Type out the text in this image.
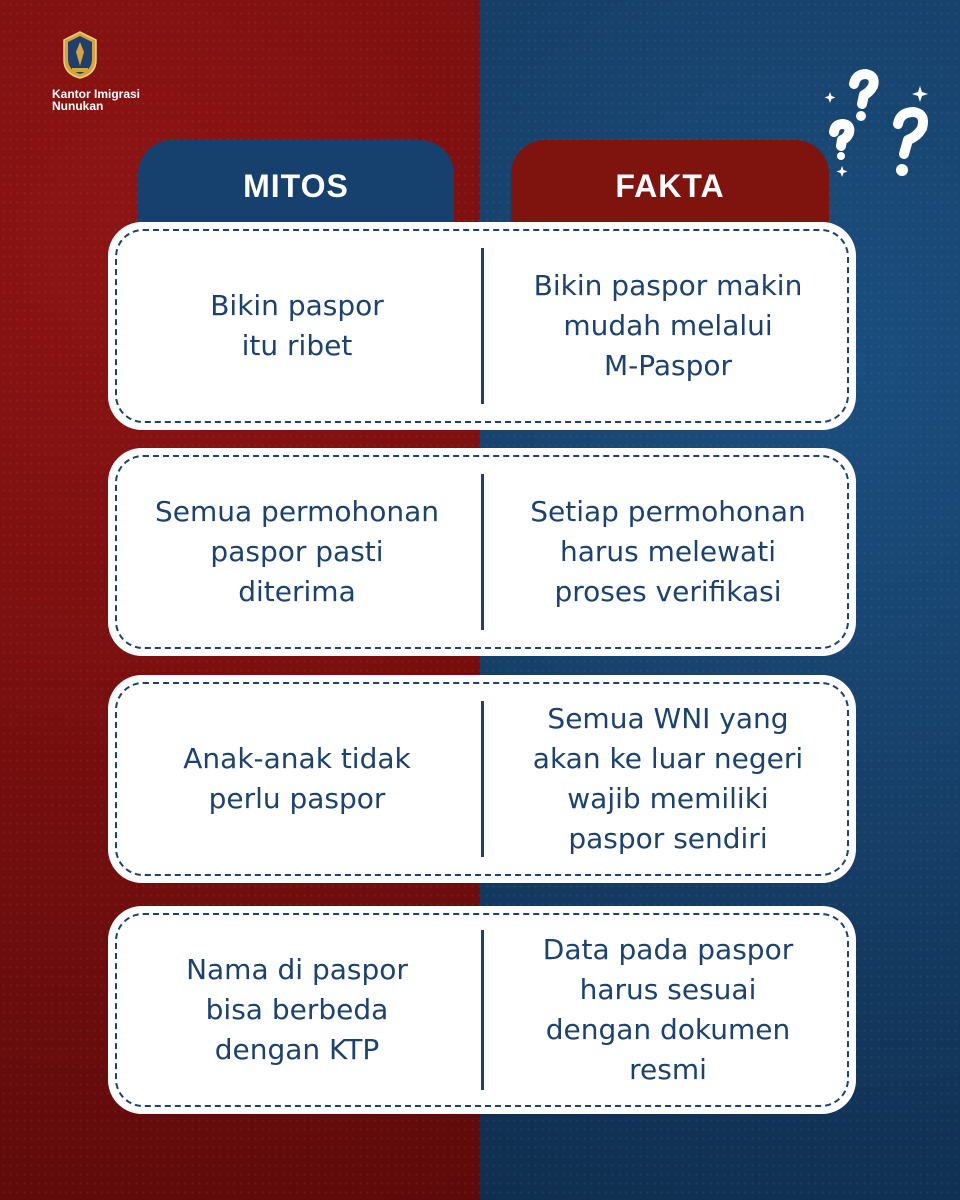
Kantor Imigrasi
Nunukan
MITOS	FAKTA
Bikin paspor
itu ribet
Bikin paspor makin
mudah melalui
M-Paspor
Semua permohonan
paspor pasti
diterima
Setiap permohonan
harus melewati
proses verifikasi
Anak-anak tidak
perlu paspor
Semua WNI yang
akan ke luar negeri
wajib memiliki
paspor sendiri
Nama di paspor
bisa berbeda
dengan KTP
Data pada paspor
harus sesuai
dengan dokumen
resmi
